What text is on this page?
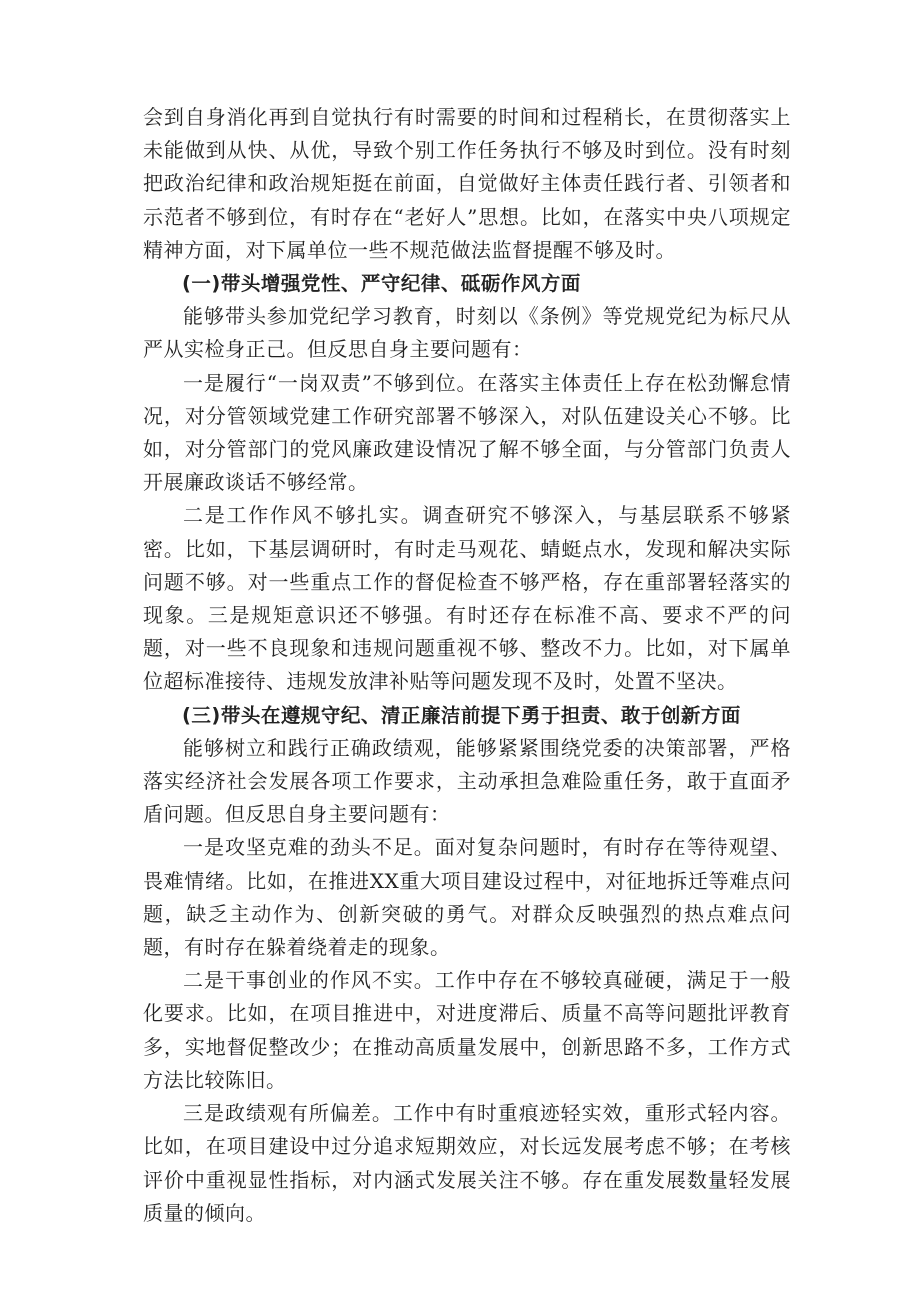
会到自身消化再到自觉执行有时需要的时间和过程稍长，在贯彻落实上未能做到从快、从优，导致个别工作任务执行不够及时到位。没有时刻把政治纪律和政治规矩挺在前面，自觉做好主体责任践行者、引领者和示范者不够到位，有时存在“老好人”思想。比如，在落实中央八项规定精神方面，对下属单位一些不规范做法监督提醒不够及时。

(一)带头增强党性、严守纪律、砥砺作风方面

能够带头参加党纪学习教育，时刻以《条例》等党规党纪为标尺从严从实检身正己。但反思自身主要问题有：

一是履行“一岗双责”不够到位。在落实主体责任上存在松劲懈怠情况，对分管领域党建工作研究部署不够深入，对队伍建设关心不够。比如，对分管部门的党风廉政建设情况了解不够全面，与分管部门负责人开展廉政谈话不够经常。

二是工作作风不够扎实。调查研究不够深入，与基层联系不够紧密。比如，下基层调研时，有时走马观花、蜻蜓点水，发现和解决实际问题不够。对一些重点工作的督促检查不够严格，存在重部署轻落实的现象。三是规矩意识还不够强。有时还存在标准不高、要求不严的问题，对一些不良现象和违规问题重视不够、整改不力。比如，对下属单位超标准接待、违规发放津补贴等问题发现不及时，处置不坚决。

(三)带头在遵规守纪、清正廉洁前提下勇于担责、敢于创新方面

能够树立和践行正确政绩观，能够紧紧围绕党委的决策部署，严格落实经济社会发展各项工作要求，主动承担急难险重任务，敢于直面矛盾问题。但反思自身主要问题有：

一是攻坚克难的劲头不足。面对复杂问题时，有时存在等待观望、畏难情绪。比如，在推进XX重大项目建设过程中，对征地拆迁等难点问题，缺乏主动作为、创新突破的勇气。对群众反映强烈的热点难点问题，有时存在躲着绕着走的现象。

二是干事创业的作风不实。工作中存在不够较真碰硬，满足于一般化要求。比如，在项目推进中，对进度滞后、质量不高等问题批评教育多，实地督促整改少；在推动高质量发展中，创新思路不多，工作方式方法比较陈旧。

三是政绩观有所偏差。工作中有时重痕迹轻实效，重形式轻内容。比如，在项目建设中过分追求短期效应，对长远发展考虑不够；在考核评价中重视显性指标，对内涵式发展关注不够。存在重发展数量轻发展质量的倾向。
